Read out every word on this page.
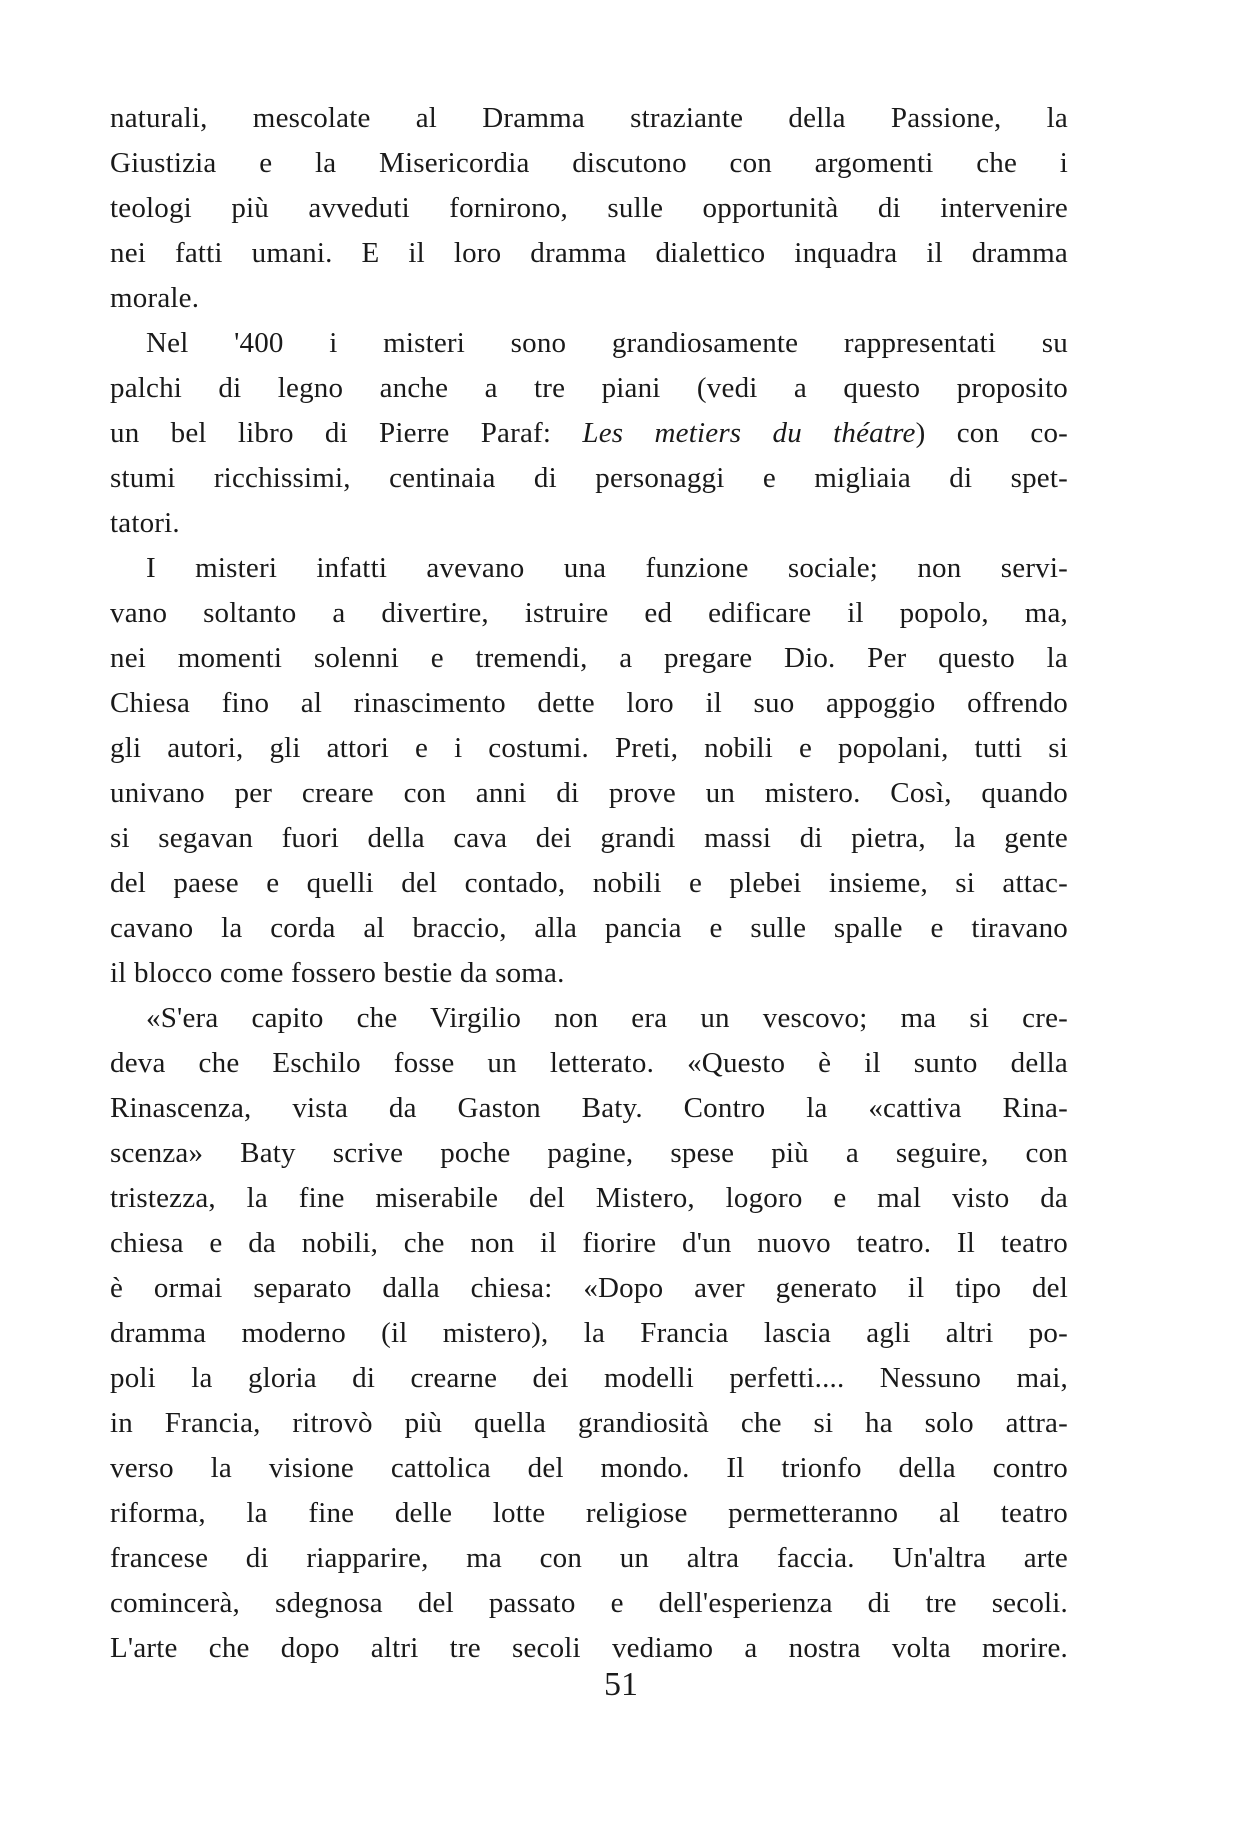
naturali, mescolate al Dramma straziante della Passione, la
Giustizia e la Misericordia discutono con argomenti che i
teologi più avveduti fornirono, sulle opportunità di intervenire
nei fatti umani. E il loro dramma dialettico inquadra il dramma
morale.
Nel '400 i misteri sono grandiosamente rappresentati su
palchi di legno anche a tre piani (vedi a questo proposito
un bel libro di Pierre Paraf: Les metiers du théatre) con co-
stumi ricchissimi, centinaia di personaggi e migliaia di spet-
tatori.
I misteri infatti avevano una funzione sociale; non servi-
vano soltanto a divertire, istruire ed edificare il popolo, ma,
nei momenti solenni e tremendi, a pregare Dio. Per questo la
Chiesa fino al rinascimento dette loro il suo appoggio offrendo
gli autori, gli attori e i costumi. Preti, nobili e popolani, tutti si
univano per creare con anni di prove un mistero. Così, quando
si segavan fuori della cava dei grandi massi di pietra, la gente
del paese e quelli del contado, nobili e plebei insieme, si attac-
cavano la corda al braccio, alla pancia e sulle spalle e tiravano
il blocco come fossero bestie da soma.
«S'era capito che Virgilio non era un vescovo; ma si cre-
deva che Eschilo fosse un letterato. «Questo è il sunto della
Rinascenza, vista da Gaston Baty. Contro la «cattiva Rina-
scenza» Baty scrive poche pagine, spese più a seguire, con
tristezza, la fine miserabile del Mistero, logoro e mal visto da
chiesa e da nobili, che non il fiorire d'un nuovo teatro. Il teatro
è ormai separato dalla chiesa: «Dopo aver generato il tipo del
dramma moderno (il mistero), la Francia lascia agli altri po-
poli la gloria di crearne dei modelli perfetti.... Nessuno mai,
in Francia, ritrovò più quella grandiosità che si ha solo attra-
verso la visione cattolica del mondo. Il trionfo della contro
riforma, la fine delle lotte religiose permetteranno al teatro
francese di riapparire, ma con un altra faccia. Un'altra arte
comincerà, sdegnosa del passato e dell'esperienza di tre secoli.
L'arte che dopo altri tre secoli vediamo a nostra volta morire.
51
